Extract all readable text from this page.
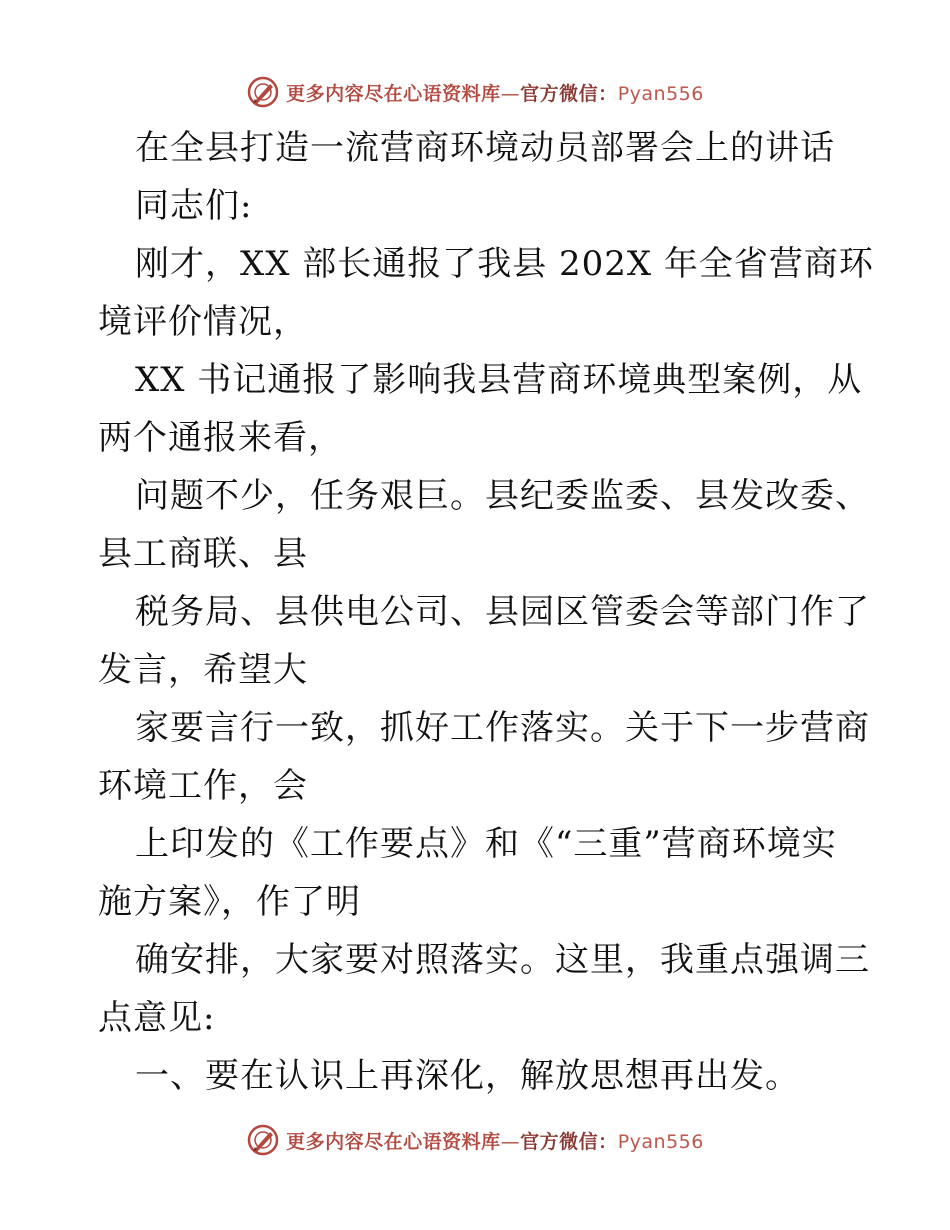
更多内容尽在心语资料库—官方微信：Pyan556
在全县打造一流营商环境动员部署会上的讲话
同志们:
刚才，XX 部长通报了我县 202X 年全省营商环
境评价情况，
XX 书记通报了影响我县营商环境典型案例，从
两个通报来看，
问题不少，任务艰巨。县纪委监委、县发改委、
县工商联、县
税务局、县供电公司、县园区管委会等部门作了
发言，希望大
家要言行一致，抓好工作落实。关于下一步营商
环境工作，会
上印发的《工作要点》和《“三重”营商环境实
施方案》，作了明
确安排，大家要对照落实。这里，我重点强调三
点意见:
一、要在认识上再深化，解放思想再出发。
更多内容尽在心语资料库—官方微信：Pyan556
